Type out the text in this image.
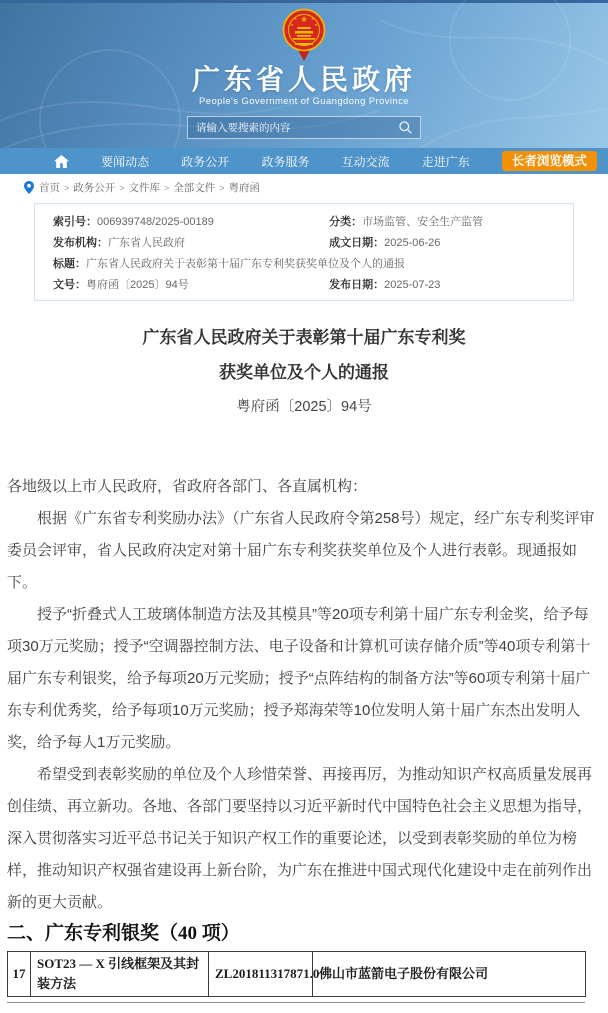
★
★ ★
★	★
广东省人民政府
People's Government of Guangdong Province
请输入要搜索的内容
要闻动态	政务公开	政务服务	互动交流	走进广东	长者浏览模式
首页 > 政务公开 > 文件库 > 全部文件 > 粤府函
索引号： 006939748/2025-00189	分类： 市场监管、安全生产监管
发布机构： 广东省人民政府	成文日期： 2025-06-26
标题： 广东省人民政府关于表彰第十届广东专利奖获奖单位及个人的通报
文号： 粤府函〔2025〕94号	发布日期： 2025-07-23
广东省人民政府关于表彰第十届广东专利奖
获奖单位及个人的通报
粤府函〔2025〕94号

各地级以上市人民政府，省政府各部门、各直属机构：

根据《广东省专利奖励办法》（广东省人民政府令第258号）规定，经广东专利奖评审委员会评审，省人民政府决定对第十届广东专利奖获奖单位及个人进行表彰。现通报如下。

授予“折叠式人工玻璃体制造方法及其模具”等20项专利第十届广东专利金奖，给予每项30万元奖励；授予“空调器控制方法、电子设备和计算机可读存储介质”等40项专利第十届广东专利银奖，给予每项20万元奖励；授予“点阵结构的制备方法”等60项专利第十届广东专利优秀奖，给予每项10万元奖励；授予郑海荣等10位发明人第十届广东杰出发明人奖，给予每人1万元奖励。

希望受到表彰奖励的单位及个人珍惜荣誉、再接再厉，为推动知识产权高质量发展再创佳绩、再立新功。各地、各部门要坚持以习近平新时代中国特色社会主义思想为指导，深入贯彻落实习近平总书记关于知识产权工作的重要论述，以受到表彰奖励的单位为榜样，推动知识产权强省建设再上新台阶，为广东在推进中国式现代化建设中走在前列作出新的更大贡献。

二、广东专利银奖（40 项）
17	SOT23 — X 引线框架及其封装方法	ZL201811317871.0	佛山市蓝箭电子股份有限公司
